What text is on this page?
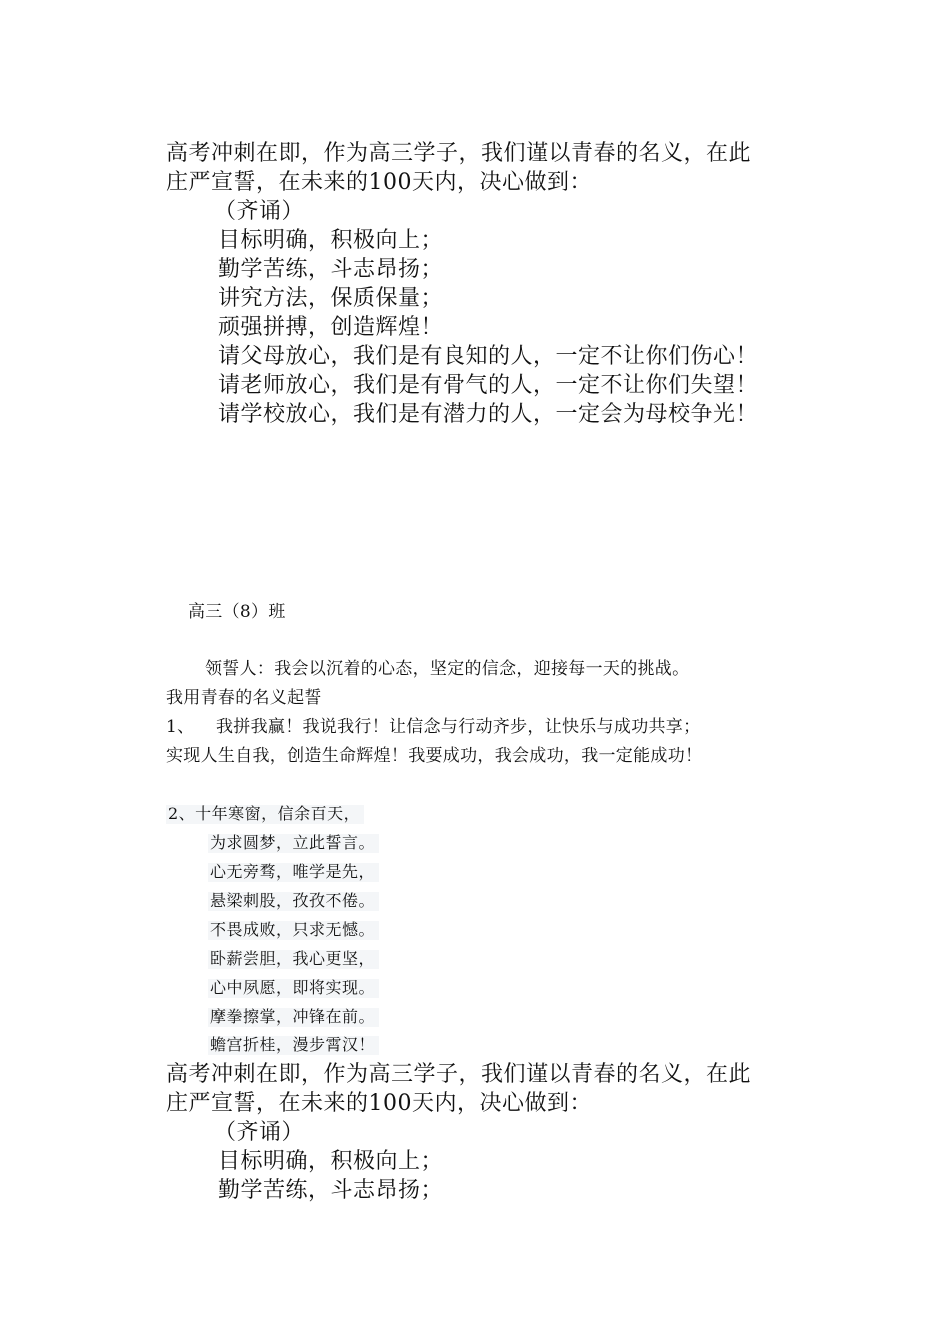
高考冲刺在即，作为高三学子，我们谨以青春的名义，在此
庄严宣誓，在未来的100天内，决心做到：
（齐诵）
目标明确，积极向上；
勤学苦练，斗志昂扬；
讲究方法，保质保量；
顽强拼搏，创造辉煌！
请父母放心，我们是有良知的人，一定不让你们伤心！
请老师放心，我们是有骨气的人，一定不让你们失望！
请学校放心，我们是有潜力的人，一定会为母校争光！
高三（8）班
领誓人：我会以沉着的心态，坚定的信念，迎接每一天的挑战。
我用青春的名义起誓
1、 我拼我赢！我说我行！让信念与行动齐步，让快乐与成功共享；
实现人生自我，创造生命辉煌！我要成功，我会成功，我一定能成功！
2、十年寒窗，信余百天，
为求圆梦，立此誓言。
心无旁骛，唯学是先，
悬梁刺股，孜孜不倦。
不畏成败，只求无憾。
卧薪尝胆，我心更坚，
心中夙愿，即将实现。
摩拳擦掌，冲锋在前。
蟾宫折桂，漫步霄汉！
高考冲刺在即，作为高三学子，我们谨以青春的名义，在此
庄严宣誓，在未来的100天内，决心做到：
（齐诵）
目标明确，积极向上；
勤学苦练，斗志昂扬；
